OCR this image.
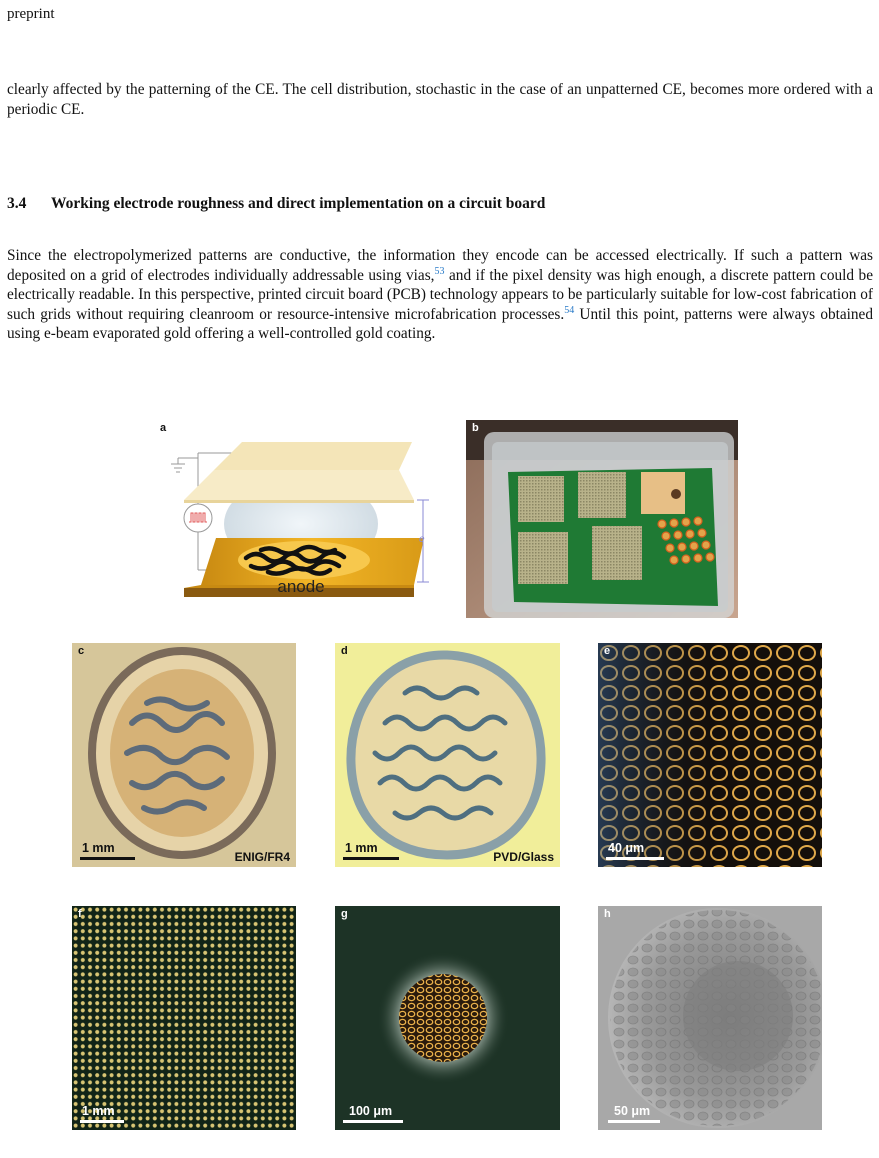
preprint

clearly affected by the patterning of the CE. The cell distribution, stochastic in the case of an unpatterned CE, becomes more ordered with a periodic CE.

3.4 Working electrode roughness and direct implementation on a circuit board

Since the electropolymerized patterns are conductive, the information they encode can be accessed electrically. If such a pattern was deposited on a grid of electrodes individually addressable using vias,$^{53}$ and if the pixel density was high enough, a discrete pattern could be electrically readable. In this perspective, printed circuit board (PCB) technology appears to be particularly suitable for low-cost fabrication of such grids without requiring cleanroom or resource-intensive microfabrication processes.$^{54}$ Until this point, patterns were always obtained using e-beam evaporated gold offering a well-controlled gold coating.

anode
e
a	b
c
1 mm
ENIG/FR4
d
1 mm
PVD/Glass
e
40 μm
f
1 mm
g
100 μm
h
50 μm
